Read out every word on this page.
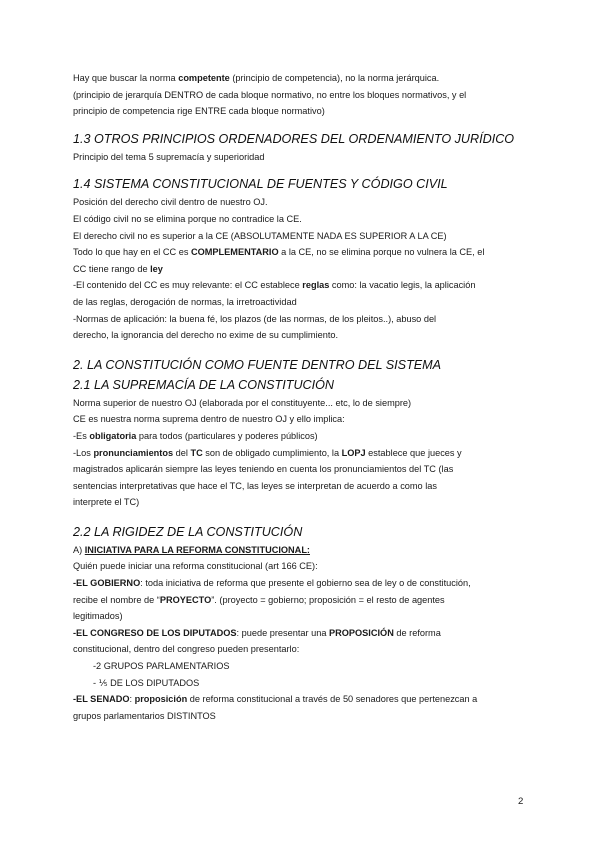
Hay que buscar la norma competente (principio de competencia), no la norma jerárquica.

(principio de jerarquía DENTRO de cada bloque normativo, no entre los bloques normativos, y el

principio de competencia rige ENTRE cada bloque normativo)

1.3 OTROS PRINCIPIOS ORDENADORES DEL ORDENAMIENTO JURÍDICO

Principio del tema 5 supremacía y superioridad

1.4 SISTEMA CONSTITUCIONAL DE FUENTES Y CÓDIGO CIVIL

Posición del derecho civil dentro de nuestro OJ.

El código civil no se elimina porque no contradice la CE.

El derecho civil no es superior a la CE (ABSOLUTAMENTE NADA ES SUPERIOR A LA CE)

Todo lo que hay en el CC es COMPLEMENTARIO a la CE, no se elimina porque no vulnera la CE, el

CC tiene rango de ley

-El contenido del CC es muy relevante: el CC establece reglas como: la vacatio legis, la aplicación

de las reglas, derogación de normas, la irretroactividad

-Normas de aplicación: la buena fé, los plazos (de las normas, de los pleitos..), abuso del

derecho, la ignorancia del derecho no exime de su cumplimiento.

2. LA CONSTITUCIÓN COMO FUENTE DENTRO DEL SISTEMA
2.1 LA SUPREMACÍA DE LA CONSTITUCIÓN

Norma superior de nuestro OJ (elaborada por el constituyente... etc, lo de siempre)

CE es nuestra norma suprema dentro de nuestro OJ y ello implica:

-Es obligatoria para todos (particulares y poderes públicos)

-Los pronunciamientos del TC son de obligado cumplimiento, la LOPJ establece que jueces y

magistrados aplicarán siempre las leyes teniendo en cuenta los pronunciamientos del TC (las

sentencias interpretativas que hace el TC, las leyes se interpretan de acuerdo a como las

interprete el TC)

2.2 LA RIGIDEZ DE LA CONSTITUCIÓN

A) INICIATIVA PARA LA REFORMA CONSTITUCIONAL:

Quién puede iniciar una reforma constitucional (art 166 CE):

-EL GOBIERNO: toda iniciativa de reforma que presente el gobierno sea de ley o de constitución,

recibe el nombre de “PROYECTO”. (proyecto = gobierno; proposición = el resto de agentes

legitimados)

-EL CONGRESO DE LOS DIPUTADOS: puede presentar una PROPOSICIÓN de reforma

constitucional, dentro del congreso pueden presentarlo:

-2 GRUPOS PARLAMENTARIOS

- ⅕ DE LOS DIPUTADOS

-EL SENADO: proposición de reforma constitucional a través de 50 senadores que pertenezcan a

grupos parlamentarios DISTINTOS

2
